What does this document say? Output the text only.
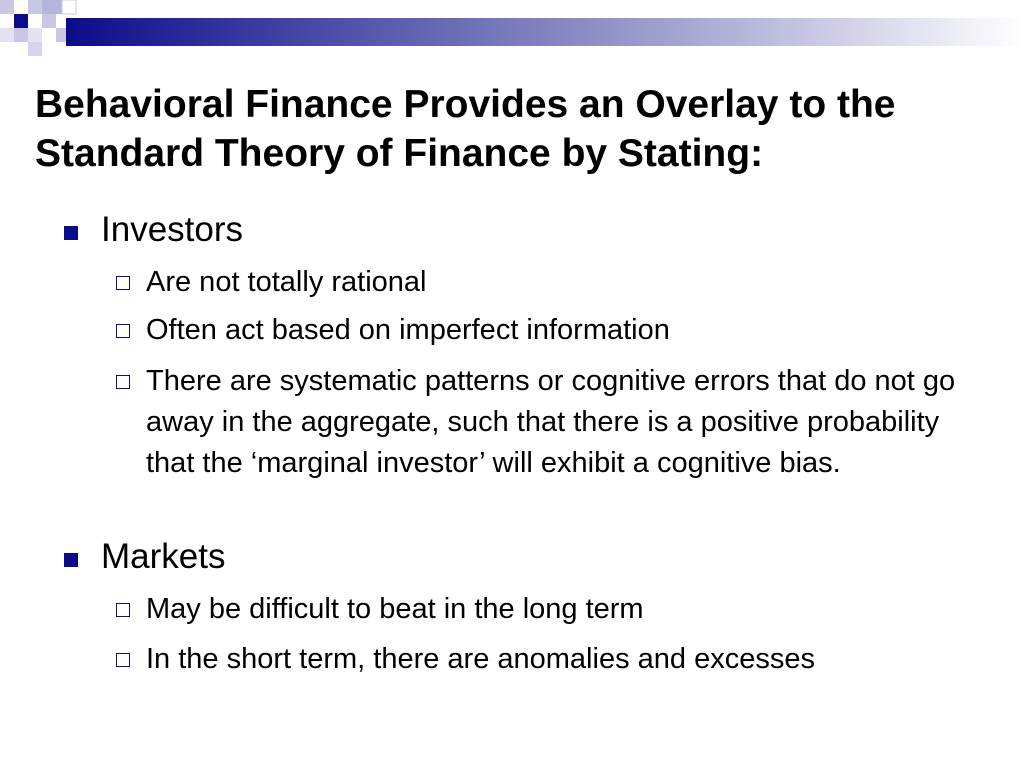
Behavioral Finance Provides an Overlay to the Standard Theory of Finance by Stating:
Investors
Are not totally rational
Often act based on imperfect information
There are systematic patterns or cognitive errors that do not go away in the aggregate, such that there is a positive probability that the ‘marginal investor’ will exhibit a cognitive bias.
Markets
May be difficult to beat in the long term
In the short term, there are anomalies and excesses
